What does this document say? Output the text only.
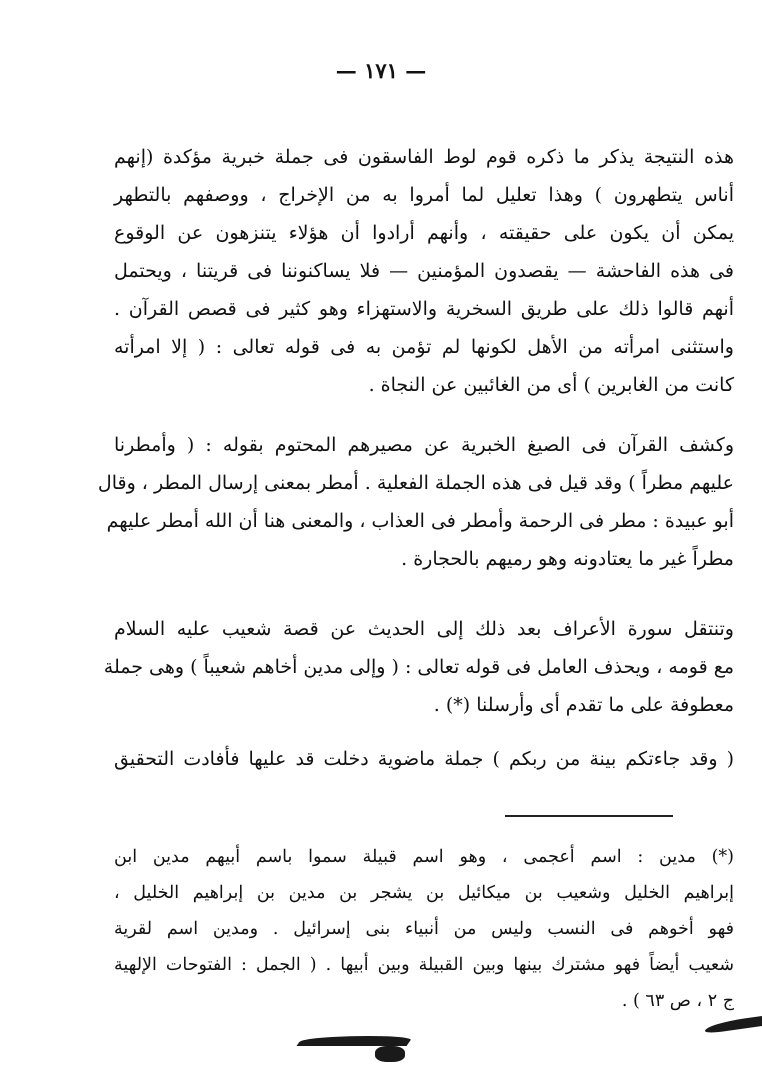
— ١٧١ —
هذه النتيجة يذكر ما ذكره قوم لوط الفاسقون فى جملة خبرية مؤكدة (إنهم
أناس يتطهرون ) وهذا تعليل لما أمروا به من الإخراج ، ووصفهم بالتطهر
يمكن أن يكون على حقيقته ، وأنهم أرادوا أن هؤلاء يتنزهون عن الوقوع
فى هذه الفاحشة — يقصدون المؤمنين — فلا يساكنوننا فى قريتنا ، ويحتمل
أنهم قالوا ذلك على طريق السخرية والاستهزاء وهو كثير فى قصص القرآن .
واستثنى امرأته من الأهل لكونها لم تؤمن به فى قوله تعالى : ( إلا امرأته
كانت من الغابرين ) أى من الغائبين عن النجاة .
وكشف القرآن فى الصيغ الخبرية عن مصيرهم المحتوم بقوله : ( وأمطرنا
عليهم مطراً ) وقد قيل فى هذه الجملة الفعلية . أمطر بمعنى إرسال المطر ، وقال
أبو عبيدة : مطر فى الرحمة وأمطر فى العذاب ، والمعنى هنا أن الله أمطر عليهم
مطراً غير ما يعتادونه وهو رميهم بالحجارة .
وتنتقل سورة الأعراف بعد ذلك إلى الحديث عن قصة شعيب عليه السلام
مع قومه ، ويحذف العامل فى قوله تعالى : ( وإلى مدين أخاهم شعيباً ) وهى جملة
معطوفة على ما تقدم أى وأرسلنا (*) .
( وقد جاءتكم بينة من ربكم ) جملة ماضوية دخلت قد عليها فأفادت التحقيق
(*) مدين : اسم أعجمى ، وهو اسم قبيلة سموا باسم أبيهم مدين ابن
إبراهيم الخليل وشعيب بن ميكائيل بن يشجر بن مدين بن إبراهيم الخليل ،
فهو أخوهم فى النسب وليس من أنبياء بنى إسرائيل . ومدين اسم لقرية
شعيب أيضاً فهو مشترك بينها وبين القبيلة وبين أبيها . ( الجمل : الفتوحات الإلهية
ج ٢ ، ص ٦٣ ) .
